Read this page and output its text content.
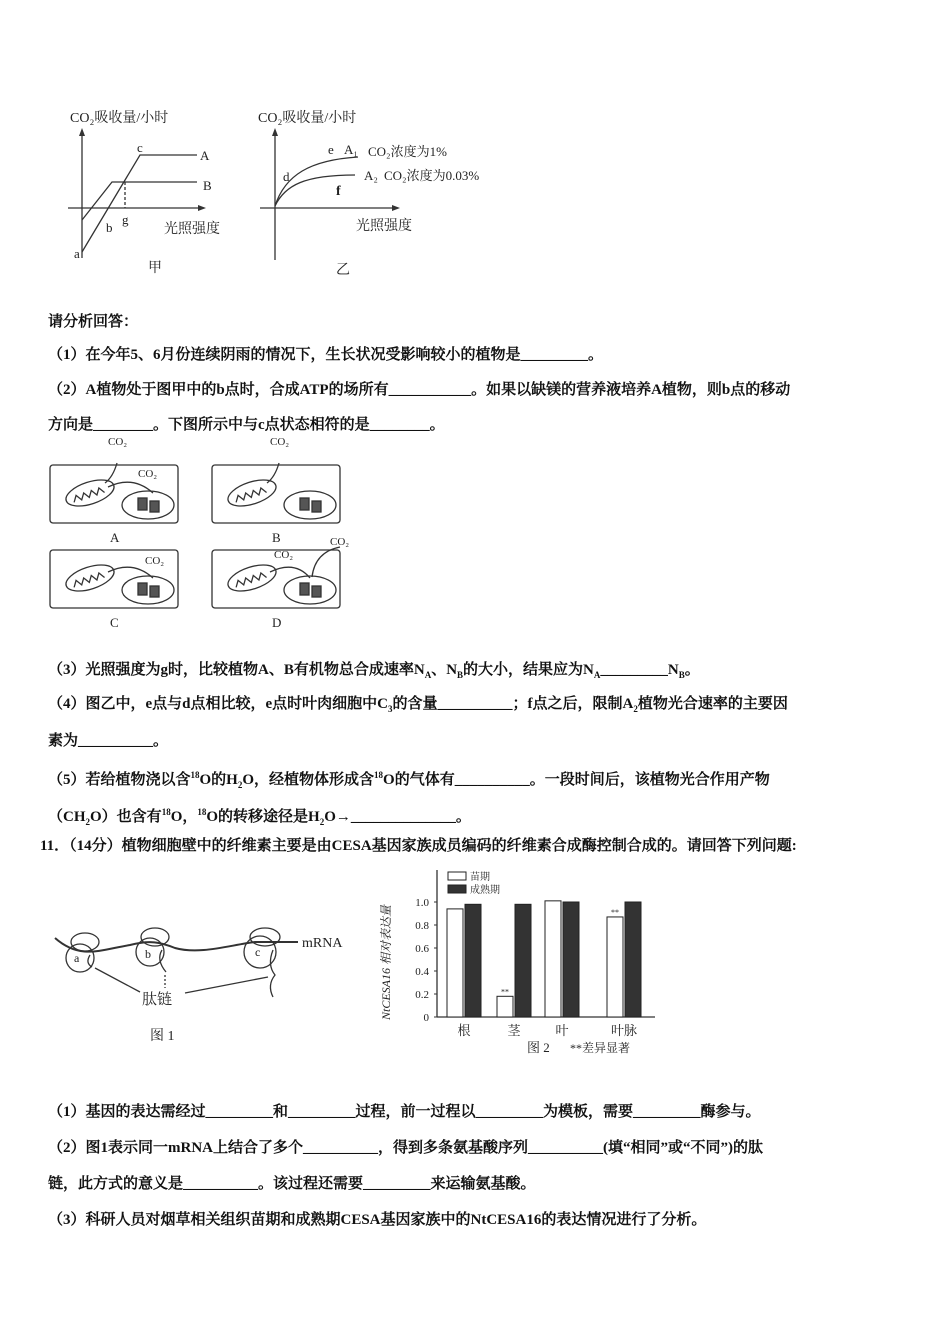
请分析回答：
（1）在今年5、6月份连续阴雨的情况下，生长状况受影响较小的植物是_________。
（2）A植物处于图甲中的b点时，合成ATP的场所有___________。如果以缺镁的营养液培养A植物，则b点的移动
方向是________。下图所示中与c点状态相符的是________。
（3）光照强度为g时，比较植物A、B有机物总合成速率$N_A$、$N_B$的大小，结果应为$N_A\_\_\_\_\_\_\_\_\_N_B$。
（4）图乙中，e点与d点相比较，e点时叶肉细胞中$C_3$的含量__________；f点之后，限制$A_2$植物光合速率的主要因
素为__________。
（5）若给植物浇以含$^{18}$O的$H_2O$，经植物体形成含$^{18}$O的气体有__________。一段时间后，该植物光合作用产物
$(CH_2O)$也含有$^{18}$O，$^{18}$O的转移途径是$H_2O\to\_\_\_\_\_\_\_\_\_\_\_\_\_\_$。
11．（14分）植物细胞壁中的纤维素主要是由CESA基因家族成员编码的纤维素合成酶控制合成的。请回答下列问题:
（1）基因的表达需经过_________和_________过程，前一过程以_________为模板，需要_________酶参与。
（2）图1表示同一mRNA上结合了多个__________，得到多条氨基酸序列__________(填“相同”或“不同”)的肽
链，此方式的意义是__________。该过程还需要_________来运输氨基酸。
（3）科研人员对烟草相关组织苗期和成熟期CESA基因家族中的NtCESA16的表达情况进行了分析。
CO₂吸收量/小时
c
A
B
b
g
a
光照强度
甲
CO₂吸收量/小时
e A₁ CO₂浓度为1%
d	A₂ CO₂浓度为0.03%
f
光照强度
乙
CO₂
CO₂
A
CO₂
B
CO₂
C
CO₂
CO₂
D
a	b	c
mRNA
肽链
图 1
0
0.2
0.4
0.6
0.8
1.0
NtCESA16 相对表达量
根
**
茎	叶
**
叶脉
苗期
成熟期
图 2 **差异显著
